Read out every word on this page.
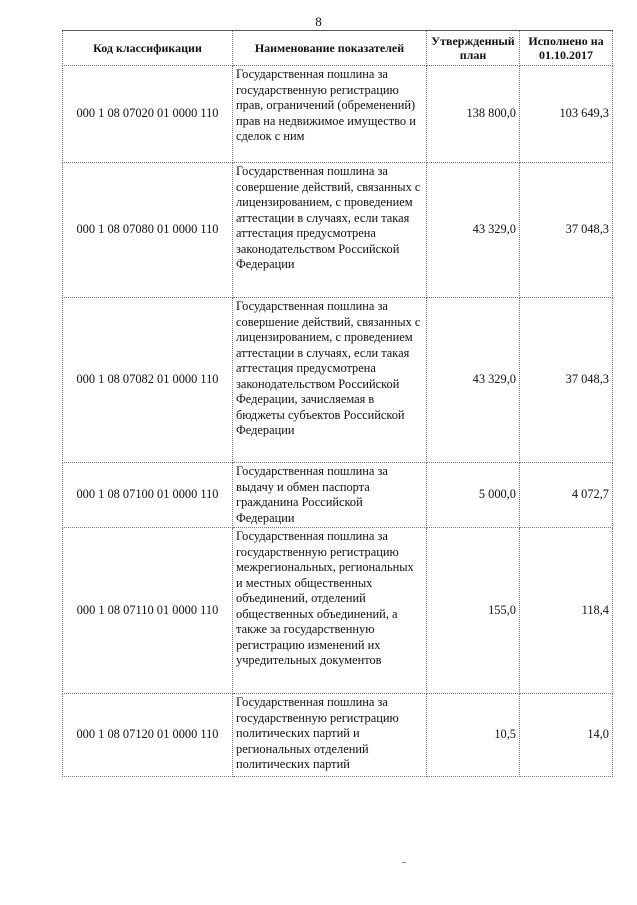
8
Код классификации	Наименование показателей	Утвержденный план	Исполнено на 01.10.2017
000 1 08 07020 01 0000 110	Государственная пошлина за государственную регистрацию прав, ограничений (обременений) прав на недвижимое имущество и сделок с ним	138 800,0	103 649,3
000 1 08 07080 01 0000 110	Государственная пошлина за совершение действий, связанных с лицензированием, с проведением аттестации в случаях, если такая аттестация предусмотрена законодательством Российской Федерации	43 329,0	37 048,3
000 1 08 07082 01 0000 110	Государственная пошлина за совершение действий, связанных с лицензированием, с проведением аттестации в случаях, если такая аттестация предусмотрена законодательством Российской Федерации, зачисляемая в бюджеты субъектов Российской Федерации	43 329,0	37 048,3
000 1 08 07100 01 0000 110	Государственная пошлина за выдачу и обмен паспорта гражданина Российской Федерации	5 000,0	4 072,7
000 1 08 07110 01 0000 110	Государственная пошлина за государственную регистрацию межрегиональных, региональных и местных общественных объединений, отделений общественных объединений, а также за государственную регистрацию изменений их учредительных документов	155,0	118,4
000 1 08 07120 01 0000 110	Государственная пошлина за государственную регистрацию политических партий и региональных отделений политических партий	10,5	14,0
